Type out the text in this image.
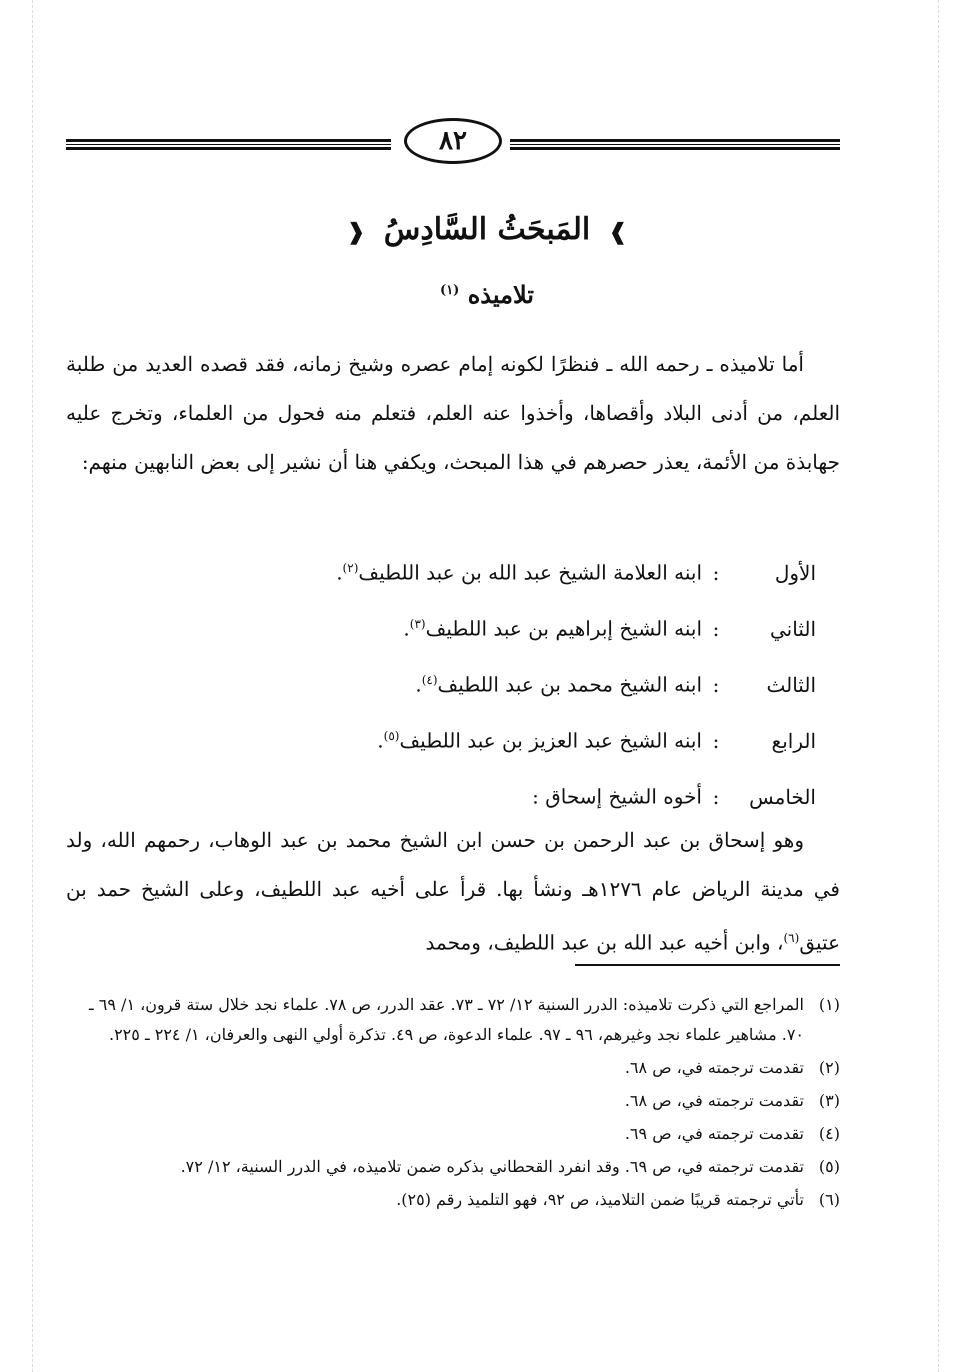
٨٢
❱ المَبحَثُ السَّادِسُ ❰
تلاميذه $^{(١)}$
أما تلاميذه ـ رحمه الله ـ فنظرًا لكونه إمام عصره وشيخ زمانه، فقد قصده العديد من طلبة العلم، من أدنى البلاد وأقصاها، وأخذوا عنه العلم، فتعلم منه فحول من العلماء، وتخرج عليه جهابذة من الأئمة، يعذر حصرهم في هذا المبحث، ويكفي هنا أن نشير إلى بعض النابهين منهم:
الأول:ابنه العلامة الشيخ عبد الله بن عبد اللطيف$^{(٢)}$.
الثاني:ابنه الشيخ إبراهيم بن عبد اللطيف$^{(٣)}$.
الثالث:ابنه الشيخ محمد بن عبد اللطيف$^{(٤)}$.
الرابع:ابنه الشيخ عبد العزيز بن عبد اللطيف$^{(٥)}$.
الخامس:أخوه الشيخ إسحاق :
وهو إسحاق بن عبد الرحمن بن حسن ابن الشيخ محمد بن عبد الوهاب، رحمهم الله، ولد في مدينة الرياض عام ١٢٧٦هـ ونشأ بها. قرأ على أخيه عبد اللطيف، وعلى الشيخ حمد بن عتيق$^{(٦)}$، وابن أخيه عبد الله بن عبد اللطيف، ومحمد
(١)
المراجع التي ذكرت تلاميذه: الدرر السنية ١٢/ ٧٢ ـ ٧٣. عقد الدرر، ص ٧٨. علماء نجد خلال ستة قرون، ١/ ٦٩ ـ ٧٠. مشاهير علماء نجد وغيرهم، ٩٦ ـ ٩٧. علماء الدعوة، ص ٤٩. تذكرة أولي النهى والعرفان، ١/ ٢٢٤ ـ ٢٢٥.
(٢)
تقدمت ترجمته في، ص ٦٨.
(٣)
تقدمت ترجمته في، ص ٦٨.
(٤)
تقدمت ترجمته في، ص ٦٩.
(٥)
تقدمت ترجمته في، ص ٦٩. وقد انفرد القحطاني بذكره ضمن تلاميذه، في الدرر السنية، ١٢/ ٧٢.
(٦)
تأتي ترجمته قريبًا ضمن التلاميذ، ص ٩٢، فهو التلميذ رقم (٢٥).
